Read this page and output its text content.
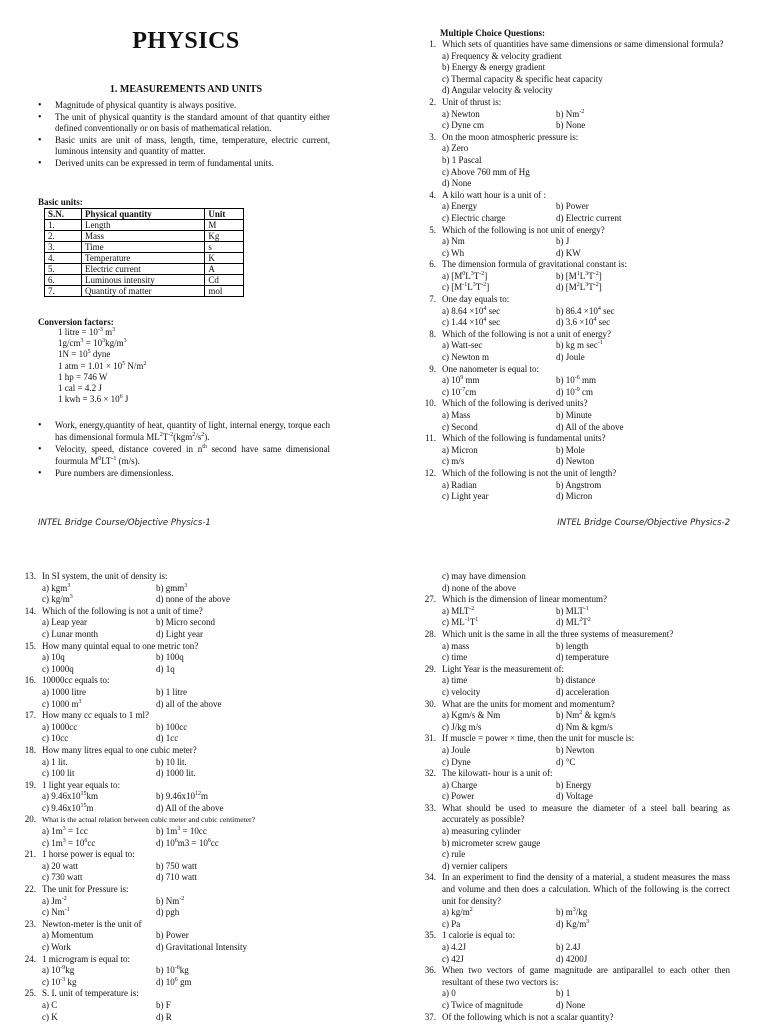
PHYSICS
1. MEASUREMENTS AND UNITS
• Magnitude of physical quantity is always positive.
• The unit of physical quantity is the standard amount of that quantity either defined conventionally or on basis of mathematical relation.
• Basic units are unit of mass, length, time, temperature, electric current, luminous intensity and quantity of matter.
• Derived units can be expressed in term of fundamental units.
Basic units:
S.N.	Physical quantity	Unit
1.	Length	M
2.	Mass	Kg
3.	Time	s
4.	Temperature	K
5.	Electric current	A
6.	Luminous intensity	Cd
7.	Quantity of matter	mol
Conversion factors:
1 litre = $10^{-3}$ $m^3$
$1g/cm^3 = 10^3kg/m^3$
$1N = 10^5$ dyne
1 atm = $1.01 \times 10^5$ $N/m^2$
1 hp = 746 W
1 cal = 4.2 J
1 kwh = $3.6 \times 10^6$ J
• Work, energy,quantity of heat, quantity of light, internal energy, torque each has dimensional formula $ML^2T^{-2}(kgm^2/s^2)$.
• Velocity, speed, distance covered in $n^{th}$ second have same dimensional fourmula $M^0LT^{-1}$ (m/s).
• Pure numbers are dimensionless.
INTEL Bridge Course/Objective Physics-1
Multiple Choice Questions:
1. Which sets of quantities have same dimensions or same dimensional formula?
a) Frequency & velocity gradient
b) Energy & energy gradient
c) Thermal capacity & specific heat capacity
d) Angular velocity & velocity
2. Unit of thrust is:
a) Newton	b) $Nm^{-2}$
c) Dyne cm	b) None
3. On the moon atmospheric pressure is:
a) Zero
b) 1 Pascal
c) Above 760 mm of Hg
d) None
4. A kilo watt hour is a unit of :
a) Energy	b) Power
c) Electric charge	d) Electric current
5. Which of the following is not unit of energy?
a) Nm	b) J
c) Wh	d) KW
6. The dimension formula of gravitational constant is:
a) $[M^0L^3T^{-2}]$	b) $[M^1L^3T^{-2}]$
c) $[M^{-1}L^3T^{-2}]$	d) $[M^2L^3T^{-2}]$
7. One day equals to:
a) $8.64 \times 10^4$ sec	b) $86.4 \times 10^4$ sec
c) $1.44 \times 10^4$ sec	d) $3.6 \times 10^4$ sec
8. Which of the following is not a unit of energy?
a) Watt-sec	b) kg m $\sec^{-1}$
c) Newton m	d) Joule
9. One nanometer is equal to:
a) $10^9$ mm	b) $10^{-6}$ mm
c) $10^{-7}cm$	d) $10^{-9}$ cm
10. Which of the following is derived units?
a) Mass	b) Minute
c) Second	d) All of the above
11. Which of the following is fundamental units?
a) Micron	b) Mole
c) m/s	d) Newton
12. Which of the following is not the unit of length?
a) Radian	b) Angstrom
c) Light year	d) Micron
INTEL Bridge Course/Objective Physics-2
13. In SI system, the unit of density is:
a) kgm$^3$	b) gmm$^3$
c) $kg/m^3$	d) none of the above
14. Which of the following is not a unit of time?
a) Leap year	b) Micro second
c) Lunar month	d) Light year
15. How many quintal equal to one metric ton?
a) 10q	b) 100q
c) 1000q	d) 1q
16. 10000cc equals to:
a) 1000 litre	b) 1 litre
c) 1000 $m^3$	d) all of the above
17. How many cc equals to 1 ml?
a) 1000cc	b) 100cc
c) 10cc	d) 1cc
18. How many litres equal to one cubic meter?
a) 1 lit.	b) 10 lit.
c) 100 lit	d) 1000 lit.
19. 1 light year equals to:
a) $9.46x10^{15}km$	b) $9.46x10^{12}m$
c) $9.46x10^{15}m$	d) All of the above
20. What is the actual relation between cubic meter and cubic centimeter?
a) $1m^3 = 1cc$	b) $1m^3 = 10cc$
c) $1m^3 = 10^6cc$	d) $10^6m3 = 10^6cc$
21. 1 horse power is equal to:
a) 20 watt	b) 750 watt
c) 730 watt	d) 710 watt
22. The unit for Pressure is:
a) $Jm^{-2}$	b) $Nm^{-2}$
c) $Nm^{-1}$	d) pgh
23. Newton-meter is the unit of
a) Momentum	b) Power
c) Work	d) Gravitational Intensity
24. 1 microgram is equal to:
a) $10^{-9}kg$	b) $10^{-6}kg$
c) $10^{-3}$ kg	d) $10^6$ gm
25. S. I. unit of temperature is:
a) C	b) F
c) K	d) R
c) may have dimension
d) none of the above
27. Which is the dimension of linear momentum?
a) $MLT^{-2}$	b) $MLT^{-1}$
c) $ML^{-1}T^1$	d) $ML^2T^2$
28. Which unit is the same in all the three systems of measurement?
a) mass	b) length
c) time	d) temperature
29. Light Year is the measurement of:
a) time	b) distance
c) velocity	d) acceleration
30. What are the units for moment and momentum?
a) Kgm/s & Nm	b) Nm$^2$ & kgm/s
c) J/kg m/s	d) Nm & kgm/s
31. If muscle = power × time, then the unit for muscle is:
a) Joule	b) Newton
c) Dyne	d) °C
32. The kilowatt- hour is a unit of:
a) Charge	b) Energy
c) Power	d) Voltage
33. What should be used to measure the diameter of a steel ball bearing as accurately as possible?
a) measuring cylinder
b) micrometer screw gauge
c) rule
d) vernier calipers
34. In an experiment to find the density of a material, a student measures the mass and volume and then does a calculation. Which of the following is the correct unit for density?
a) $kg/m^2$	b) $m^3/kg$
c) Pa	d) $Kg/m^3$
35. 1 calorie is equal to:
a) 4.2J	b) 2.4J
c) 42J	d) 4200J
36. When two vectors of game magnitude are antiparallel to each other then resultant of these two vectors is:
a) 0	b) 1
c) Twice of magnitude	d) None
37. Of the following which is not a scalar quantity?
